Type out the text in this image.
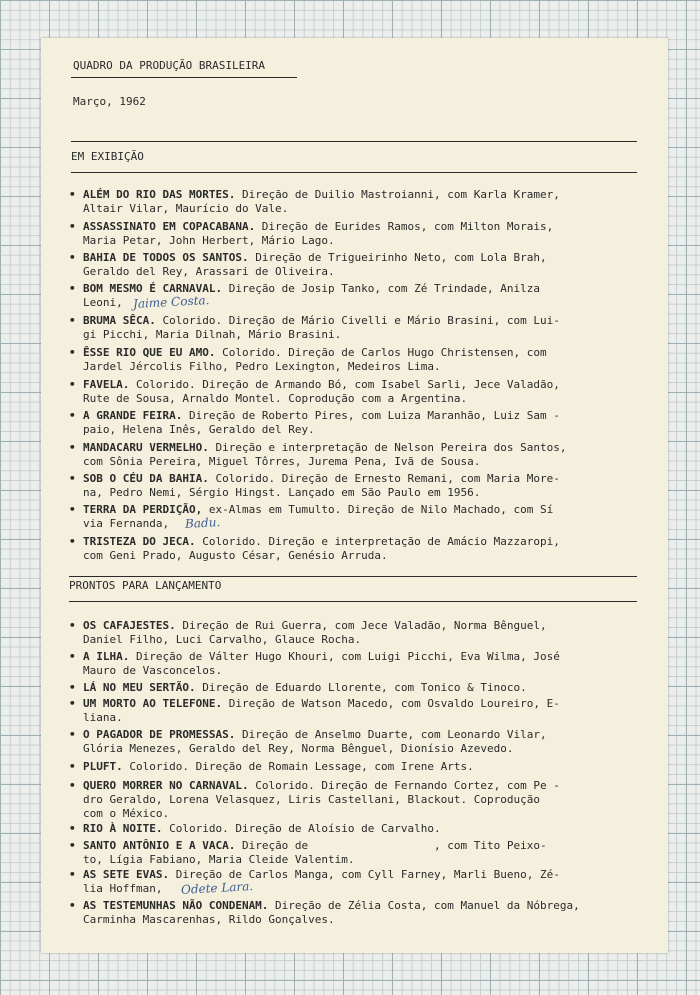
QUADRO DA PRODUÇÃO BRASILEIRA
Março, 1962
EM EXIBIÇÃO
• ALÉM DO RIO DAS MORTES. Direção de Duilio Mastroianni, com Karla Kramer,
Altair Vilar, Maurício do Vale.
• ASSASSINATO EM COPACABANA. Direção de Eurides Ramos, com Milton Morais,
Maria Petar, John Herbert, Mário Lago.
• BAHIA DE TODOS OS SANTOS. Direção de Trigueirinho Neto, com Lola Brah,
Geraldo del Rey, Arassari de Oliveira.
• BOM MESMO É CARNAVAL. Direção de Josip Tanko, com Zé Trindade, Anilza
Leoni, Jaime Costa.
• BRUMA SÊCA. Colorido. Direção de Mário Civelli e Mário Brasini, com Lui-
gi Picchi, Maria Dilnah, Mário Brasini.
• ÊSSE RIO QUE EU AMO. Colorido. Direção de Carlos Hugo Christensen, com
Jardel Jércolis Filho, Pedro Lexington, Medeiros Lima.
• FAVELA. Colorido. Direção de Armando Bó, com Isabel Sarli, Jece Valadão,
Rute de Sousa, Arnaldo Montel. Coprodução com a Argentina.
• A GRANDE FEIRA. Direção de Roberto Pires, com Luiza Maranhão, Luiz Sam -
paio, Helena Inês, Geraldo del Rey.
• MANDACARU VERMELHO. Direção e interpretação de Nelson Pereira dos Santos,
com Sônia Pereira, Miguel Tôrres, Jurema Pena, Ivã de Sousa.
• SOB O CÉU DA BAHIA. Colorido. Direção de Ernesto Remani, com Maria More-
na, Pedro Nemi, Sérgio Hingst. Lançado em São Paulo em 1956.
• TERRA DA PERDIÇÃO, ex-Almas em Tumulto. Direção de Nilo Machado, com Sí
via Fernanda,	Badu.
• TRISTEZA DO JECA. Colorido. Direção e interpretação de Amácio Mazzaropi,
com Geni Prado, Augusto César, Genésio Arruda.
PRONTOS PARA LANÇAMENTO
• OS CAFAJESTES. Direção de Rui Guerra, com Jece Valadão, Norma Bênguel,
Daniel Filho, Luci Carvalho, Glauce Rocha.
• A ILHA. Direção de Válter Hugo Khouri, com Luigi Picchi, Eva Wilma, José
Mauro de Vasconcelos.
• LÁ NO MEU SERTÃO. Direção de Eduardo Llorente, com Tonico & Tinoco.
• UM MORTO AO TELEFONE. Direção de Watson Macedo, com Osvaldo Loureiro, E-
liana.
• O PAGADOR DE PROMESSAS. Direção de Anselmo Duarte, com Leonardo Vilar,
Glória Menezes, Geraldo del Rey, Norma Bênguel, Dionísio Azevedo.
• PLUFT. Colorido. Direção de Romain Lessage, com Irene Arts.
• QUERO MORRER NO CARNAVAL. Colorido. Direção de Fernando Cortez, com Pe -
dro Geraldo, Lorena Velasquez, Liris Castellani, Blackout. Coprodução
com o México.
• RIO À NOITE. Colorido. Direção de Aloísio de Carvalho.
• SANTO ANTÔNIO E A VACA. Direção de                   , com Tito Peixo-
to, Lígia Fabiano, Maria Cleide Valentim.
• AS SETE EVAS. Direção de Carlos Manga, com Cyll Farney, Marli Bueno, Zé-
lia Hoffman,	Odete Lara.
• AS TESTEMUNHAS NÃO CONDENAM. Direção de Zélia Costa, com Manuel da Nóbrega,
Carminha Mascarenhas, Rildo Gonçalves.
